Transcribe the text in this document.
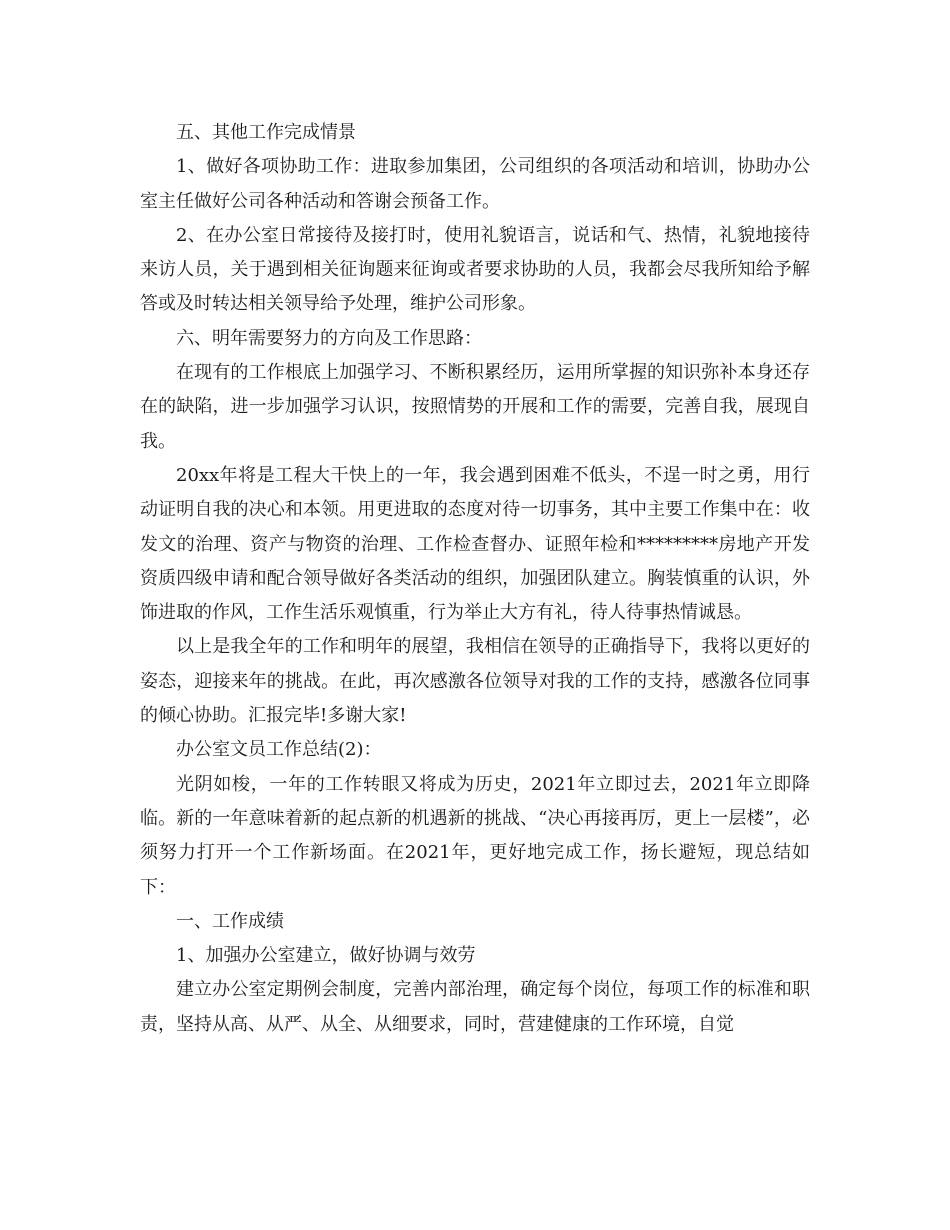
五、其他工作完成情景

1、做好各项协助工作：进取参加集团，公司组织的各项活动和培训，协助办公室主任做好公司各种活动和答谢会预备工作。

2、在办公室日常接待及接打时，使用礼貌语言，说话和气、热情，礼貌地接待来访人员，关于遇到相关征询题来征询或者要求协助的人员，我都会尽我所知给予解答或及时转达相关领导给予处理，维护公司形象。

六、明年需要努力的方向及工作思路：

在现有的工作根底上加强学习、不断积累经历，运用所掌握的知识弥补本身还存在的缺陷，进一步加强学习认识，按照情势的开展和工作的需要，完善自我，展现自我。

20xx年将是工程大干快上的一年，我会遇到困难不低头，不逞一时之勇，用行动证明自我的决心和本领。用更进取的态度对待一切事务，其中主要工作集中在：收发文的治理、资产与物资的治理、工作检查督办、证照年检和*********房地产开发资质四级申请和配合领导做好各类活动的组织，加强团队建立。胸装慎重的认识，外饰进取的作风，工作生活乐观慎重，行为举止大方有礼，待人待事热情诚恳。

以上是我全年的工作和明年的展望，我相信在领导的正确指导下，我将以更好的姿态，迎接来年的挑战。在此，再次感激各位领导对我的工作的支持，感激各位同事的倾心协助。汇报完毕!多谢大家!

办公室文员工作总结(2)：

光阴如梭，一年的工作转眼又将成为历史，2021年立即过去，2021年立即降临。新的一年意味着新的起点新的机遇新的挑战、“决心再接再厉，更上一层楼”，必须努力打开一个工作新场面。在2021年，更好地完成工作，扬长避短，现总结如下：

一、工作成绩

1、加强办公室建立，做好协调与效劳

建立办公室定期例会制度，完善内部治理，确定每个岗位，每项工作的标准和职责，坚持从高、从严、从全、从细要求，同时，营建健康的工作环境，自觉
